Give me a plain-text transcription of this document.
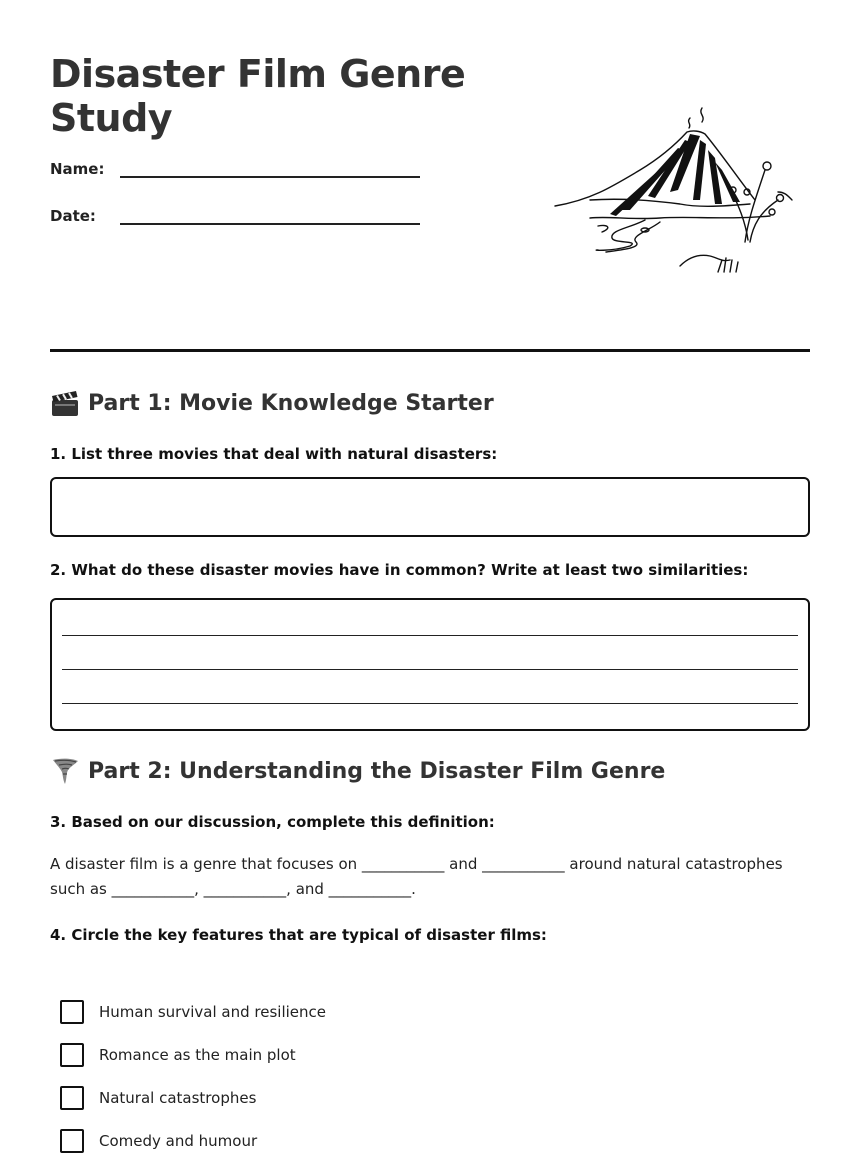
Disaster Film Genre Study
Name:
Date:
Part 1: Movie Knowledge Starter
1. List three movies that deal with natural disasters:
2. What do these disaster movies have in common? Write at least two similarities:
Part 2: Understanding the Disaster Film Genre
3. Based on our discussion, complete this definition:
A disaster film is a genre that focuses on ___________ and ___________ around natural catastrophes such as ___________, ___________, and ___________.
4. Circle the key features that are typical of disaster films:
Human survival and resilience
Romance as the main plot
Natural catastrophes
Comedy and humour
